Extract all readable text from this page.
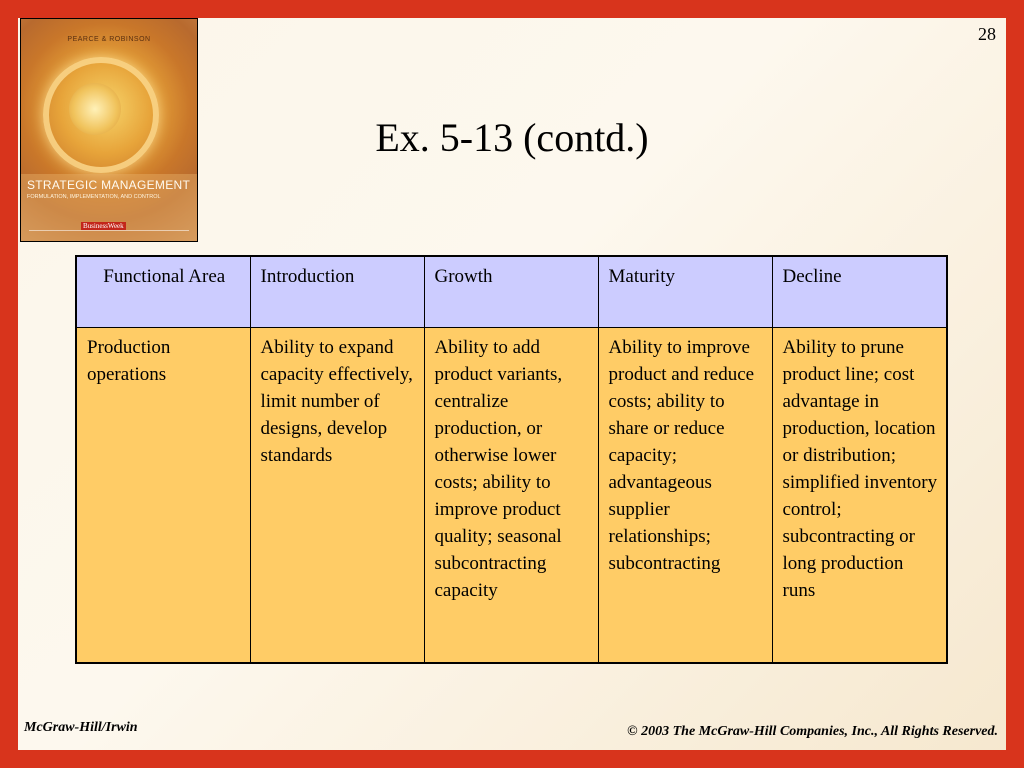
28
PEARCE & ROBINSON
STRATEGIC MANAGEMENT
FORMULATION, IMPLEMENTATION, AND CONTROL
BusinessWeek
Ex. 5-13 (contd.)
Functional Area	Introduction	Growth	Maturity	Decline
Production operations	Ability to expand capacity effectively, limit number of designs, develop standards	Ability to add product variants, centralize production, or otherwise lower costs; ability to improve product quality; seasonal subcontracting capacity	Ability to improve product and reduce costs; ability to share or reduce capacity; advantageous supplier relationships; subcontracting	Ability to prune product line; cost advantage in production, location or distribution; simplified inventory control; subcontracting or long production runs
McGraw-Hill/Irwin	© 2003 The McGraw-Hill Companies, Inc., All Rights Reserved.
